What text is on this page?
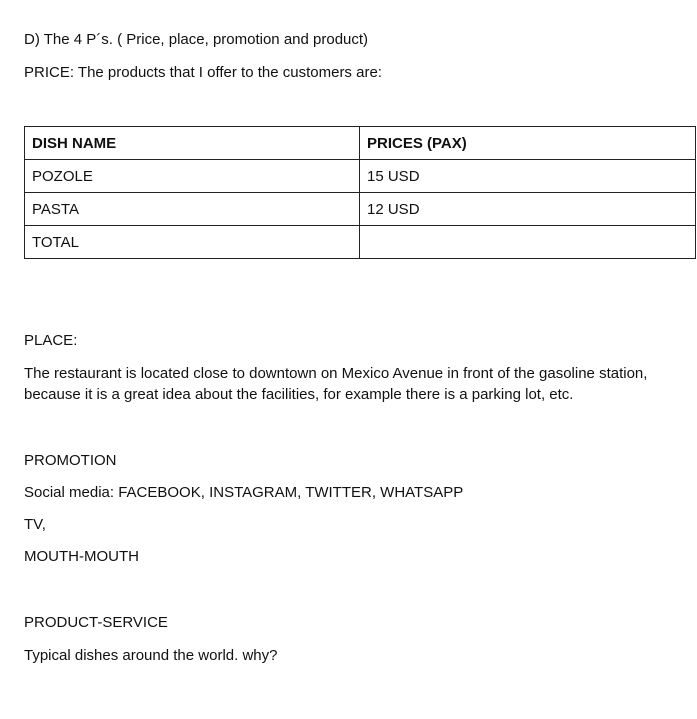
D) The 4 P´s. ( Price, place, promotion and product)

PRICE: The products that I offer to the customers are:

DISH NAME	PRICES (PAX)
POZOLE	15 USD
PASTA	12 USD
TOTAL	

PLACE:

The restaurant is located close to downtown on Mexico Avenue in front of the gasoline station, because it is a great idea about the facilities, for example there is a parking lot, etc.

PROMOTION

Social media: FACEBOOK, INSTAGRAM, TWITTER, WHATSAPP

TV,

MOUTH-MOUTH

PRODUCT-SERVICE

Typical dishes around the world. why?
